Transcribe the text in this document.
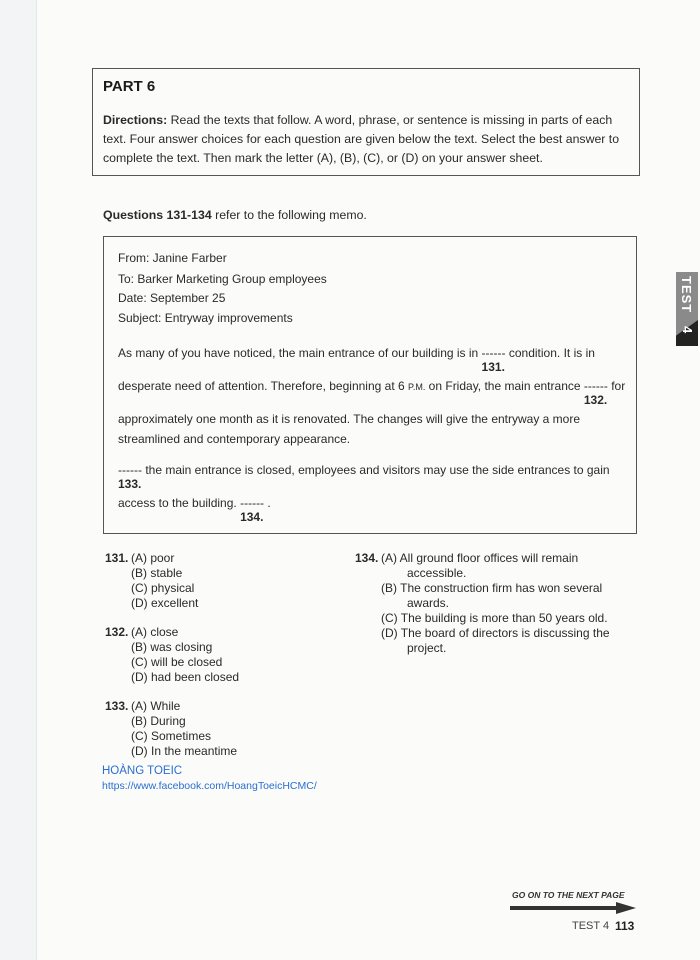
PART 6
Directions: Read the texts that follow. A word, phrase, or sentence is missing in parts of each text. Four answer choices for each question are given below the text. Select the best answer to complete the text. Then mark the letter (A), (B), (C), or (D) on your answer sheet.
Questions 131-134 refer to the following memo.
From: Janine Farber
To: Barker Marketing Group employees
Date: September 25
Subject: Entryway improvements
As many of you have noticed, the main entrance of our building is in ------
131.
condition. It is in
desperate need of attention. Therefore, beginning at 6 P.M. on Friday, the main entrance ------
132.
for
approximately one month as it is renovated. The changes will give the entryway a more
streamlined and contemporary appearance.
------
133.
the main entrance is closed, employees and visitors may use the side entrances to gain
access to the building. ------
134.
.
131. (A) poor
(B) stable
(C) physical
(D) excellent
132. (A) close
(B) was closing
(C) will be closed
(D) had been closed
133. (A) While
(B) During
(C) Sometimes
(D) In the meantime
134. (A) All ground floor offices will remain
accessible.
(B) The construction firm has won several
awards.
(C) The building is more than 50 years old.
(D) The board of directors is discussing the
project.
HOÀNG TOEIC
https://www.facebook.com/HoangToeicHCMC/
TEST
4
GO ON TO THE NEXT PAGE
TEST 4 113
